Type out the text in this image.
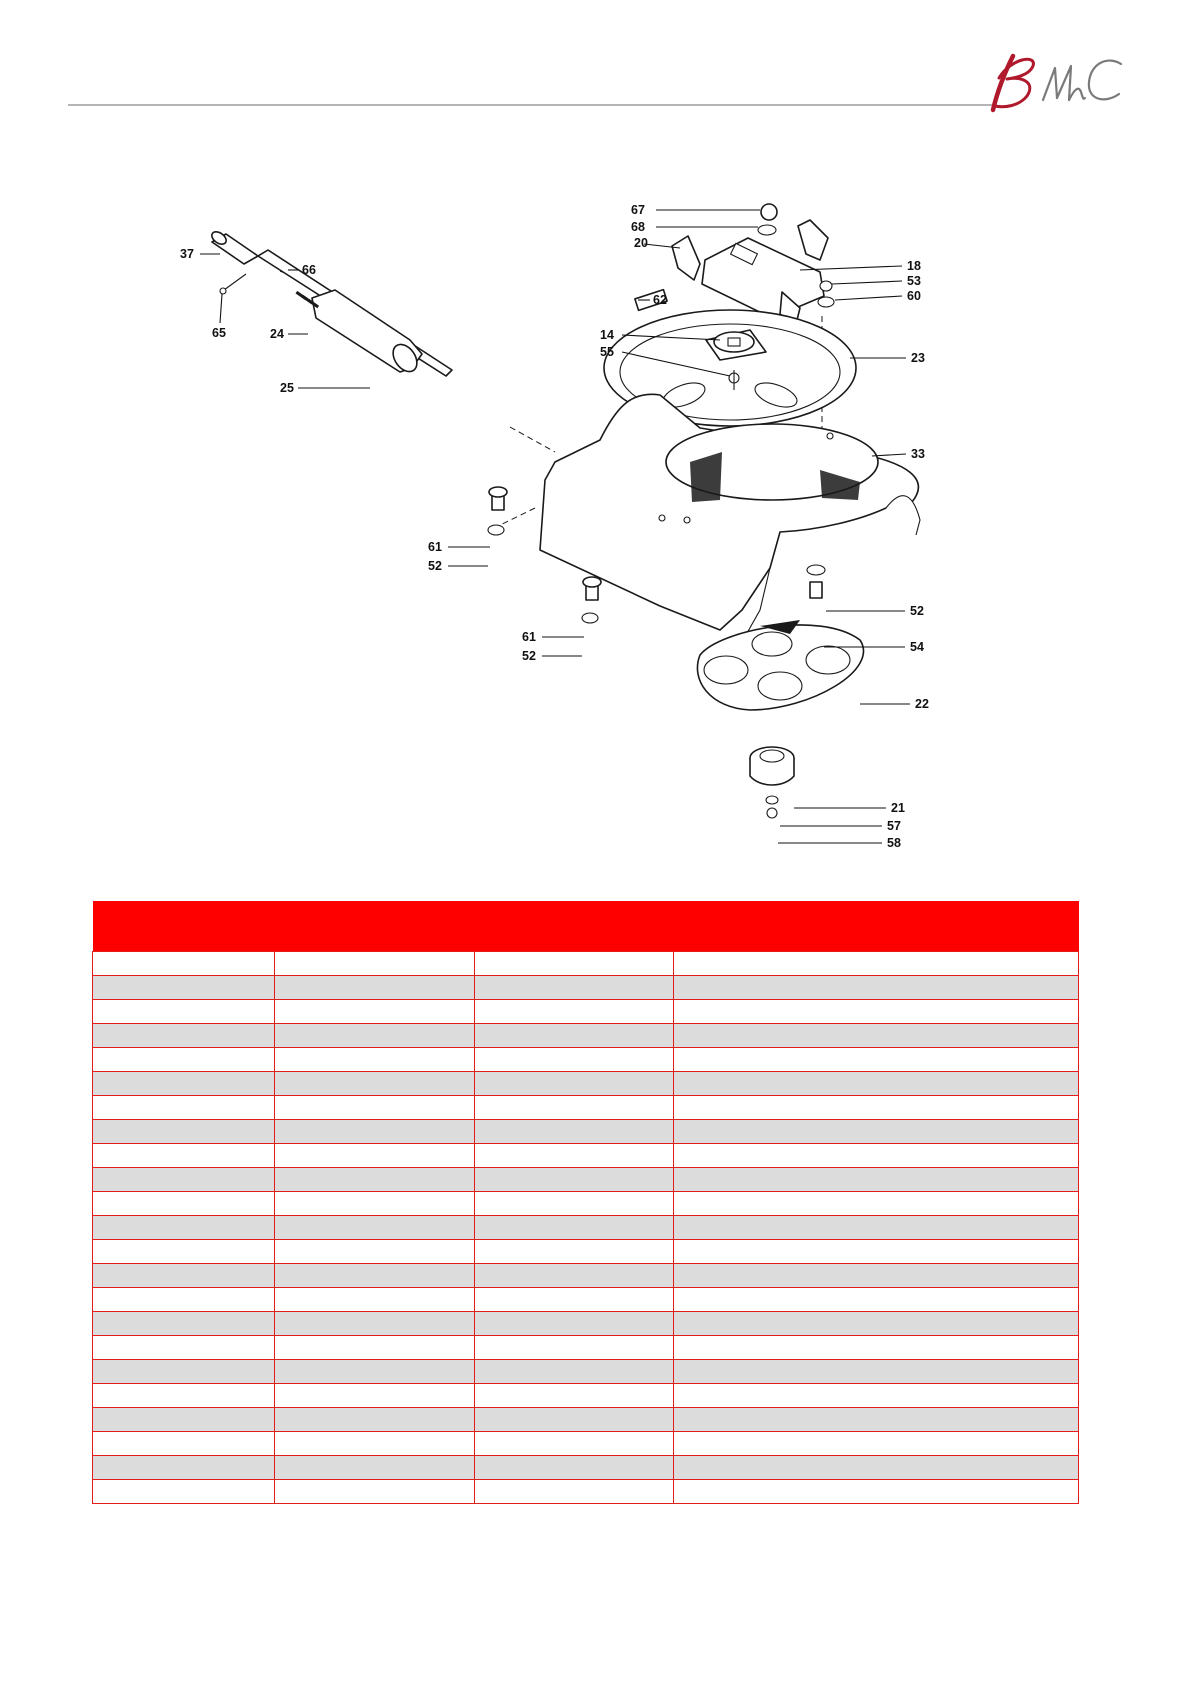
67
68
20
18
53
60
62
14
55	23
33
37
66
65	24
25
61
52
61
52
52
54
22
21
57
58
